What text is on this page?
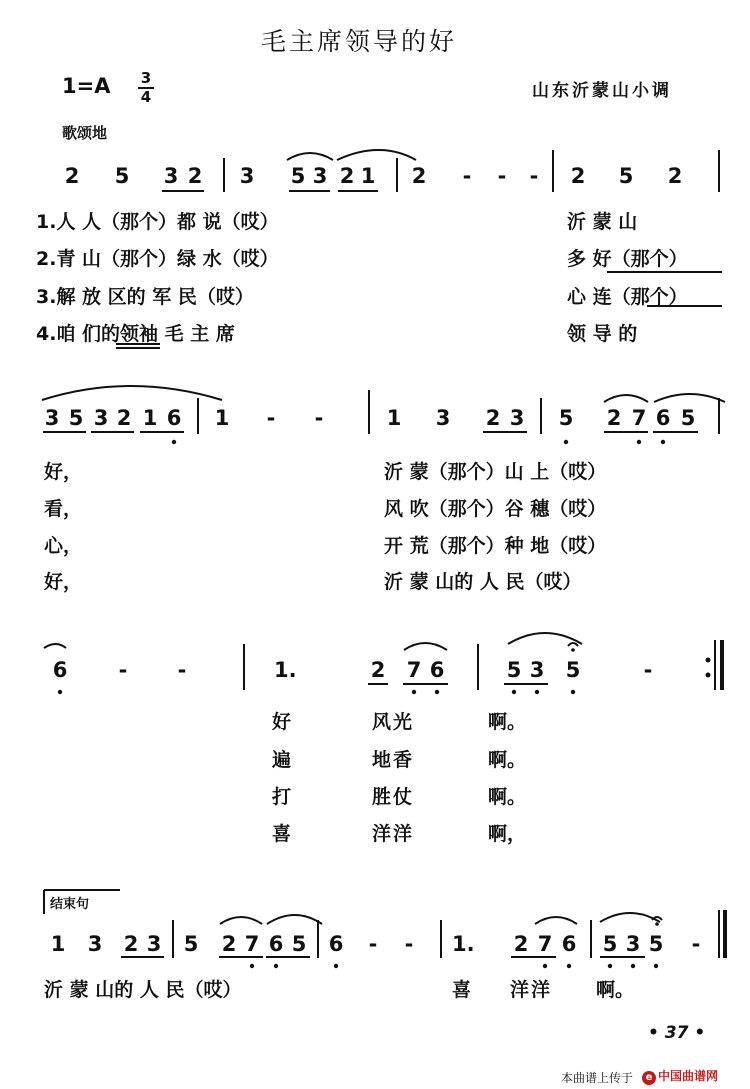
毛主席领导的好
1=A 3
4	山东沂蒙山小调
歌颂地
2 5 3 2 3 5 3 2 1 2 - - - 2 5 2
1.人 人（那个）都 说（哎）
2.青 山（那个）绿 水（哎）
3.解 放 区的 军 民（哎）
4.咱 们的领袖 毛 主 席
沂 蒙 山
多 好（那个）
心 连（那个）
领 导 的
3 5 3 2 1 6 1 - -	1 3 2 3 5 2 7 6 5
好，
看，
心，
好，
沂 蒙（那个）山 上（哎）
风 吹（那个）谷 穗（哎）
开 荒（那个）种 地（哎）
沂 蒙 山的 人 民（哎）
6 - -	1.	2 7 6	5 3 5	-
好	风光	啊。
遍	地香	啊。
打	胜仗	啊。
喜	洋洋	啊，
结束句
1 3 2 3 5 2 7 6 5 6 - - 1. 2 7 6 5 3 5 -
沂 蒙 山的 人 民（哎）	喜 洋洋 啊。
• 37 •
本曲谱上传于	e 中国曲谱网
